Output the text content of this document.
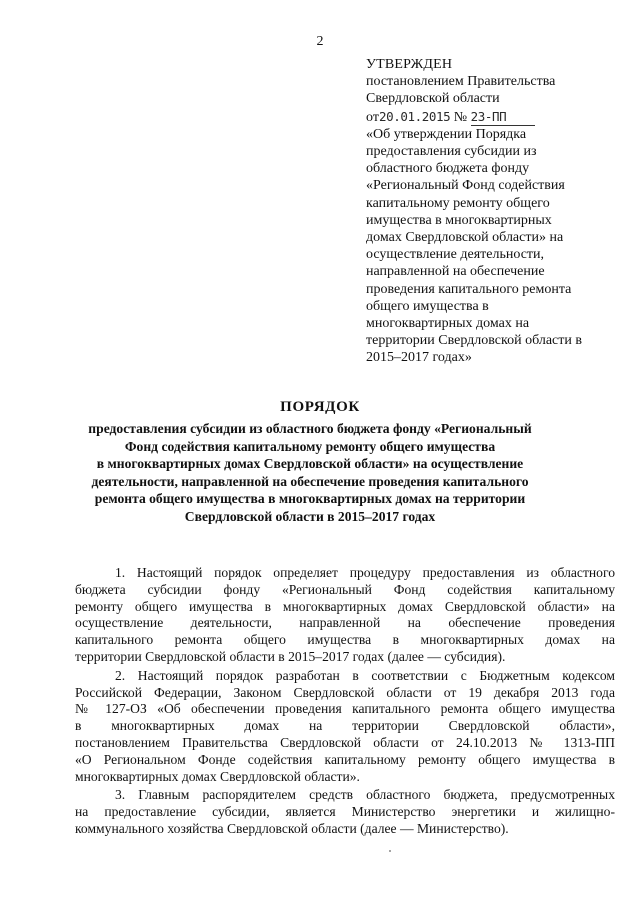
2
УТВЕРЖДЕН
постановлением Правительства
Свердловской области
от20.01.2015 № 23-ПП
«Об утверждении Порядка
предоставления субсидии из
областного бюджета фонду
«Региональный Фонд содействия
капитальному ремонту общего
имущества в многоквартирных
домах Свердловской области» на
осуществление деятельности,
направленной на обеспечение
проведения капитального ремонта
общего имущества в
многоквартирных домах на
территории Свердловской области в
2015–2017 годах»
ПОРЯДОК
предоставления субсидии из областного бюджета фонду «Региональный
Фонд содействия капитальному ремонту общего имущества
в многоквартирных домах Свердловской области» на осуществление
деятельности, направленной на обеспечение проведения капитального
ремонта общего имущества в многоквартирных домах на территории
Свердловской области в 2015–2017 годах
1. Настоящий порядок определяет процедуру предоставления из областного
бюджета субсидии фонду «Региональный Фонд содействия капитальному
ремонту общего имущества в многоквартирных домах Свердловской области» на
осуществление деятельности, направленной на обеспечение проведения
капитального ремонта общего имущества в многоквартирных домах на
территории Свердловской области в 2015–2017 годах (далее — субсидия).
2. Настоящий порядок разработан в соответствии с Бюджетным кодексом
Российской Федерации, Законом Свердловской области от 19 декабря 2013 года
№ 127-ОЗ «Об обеспечении проведения капитального ремонта общего имущества
в многоквартирных домах на территории Свердловской области»,
постановлением Правительства Свердловской области от 24.10.2013 № 1313-ПП
«О Региональном Фонде содействия капитальному ремонту общего имущества в
многоквартирных домах Свердловской области».
3. Главным распорядителем средств областного бюджета, предусмотренных
на предоставление субсидии, является Министерство энергетики и жилищно-
коммунального хозяйства Свердловской области (далее — Министерство).
